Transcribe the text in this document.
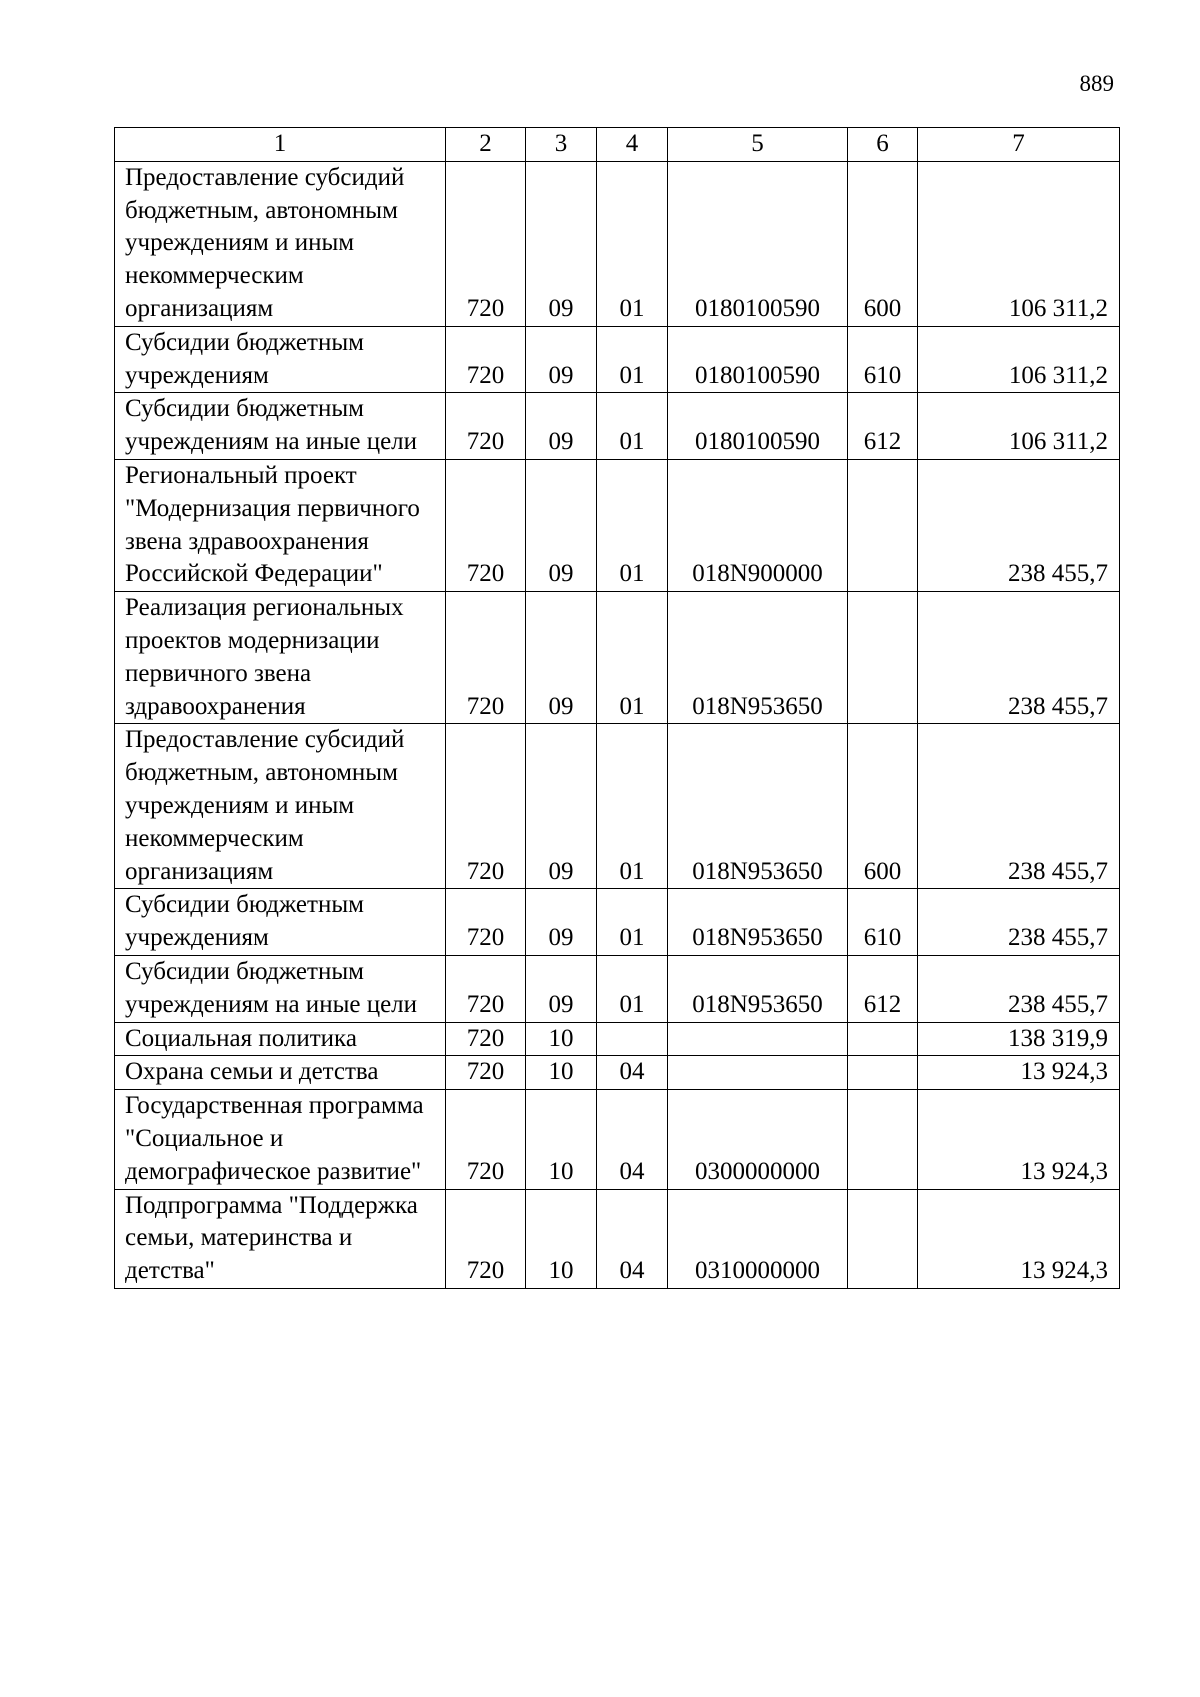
889
1	2	3	4	5	6	7
Предоставление субсидий бюджетным, автономным учреждениям и иным некоммерческим организациям	720	09	01	0180100590	600	106 311,2
Субсидии бюджетным учреждениям	720	09	01	0180100590	610	106 311,2
Субсидии бюджетным учреждениям на иные цели	720	09	01	0180100590	612	106 311,2
Региональный проект "Модернизация первичного звена здравоохранения Российской Федерации"	720	09	01	018N900000		238 455,7
Реализация региональных проектов модернизации первичного звена здравоохранения	720	09	01	018N953650		238 455,7
Предоставление субсидий бюджетным, автономным учреждениям и иным некоммерческим организациям	720	09	01	018N953650	600	238 455,7
Субсидии бюджетным учреждениям	720	09	01	018N953650	610	238 455,7
Субсидии бюджетным учреждениям на иные цели	720	09	01	018N953650	612	238 455,7
Социальная политика	720	10				138 319,9
Охрана семьи и детства	720	10	04			13 924,3
Государственная программа "Социальное и демографическое развитие"	720	10	04	0300000000		13 924,3
Подпрограмма "Поддержка семьи, материнства и детства"	720	10	04	0310000000		13 924,3
